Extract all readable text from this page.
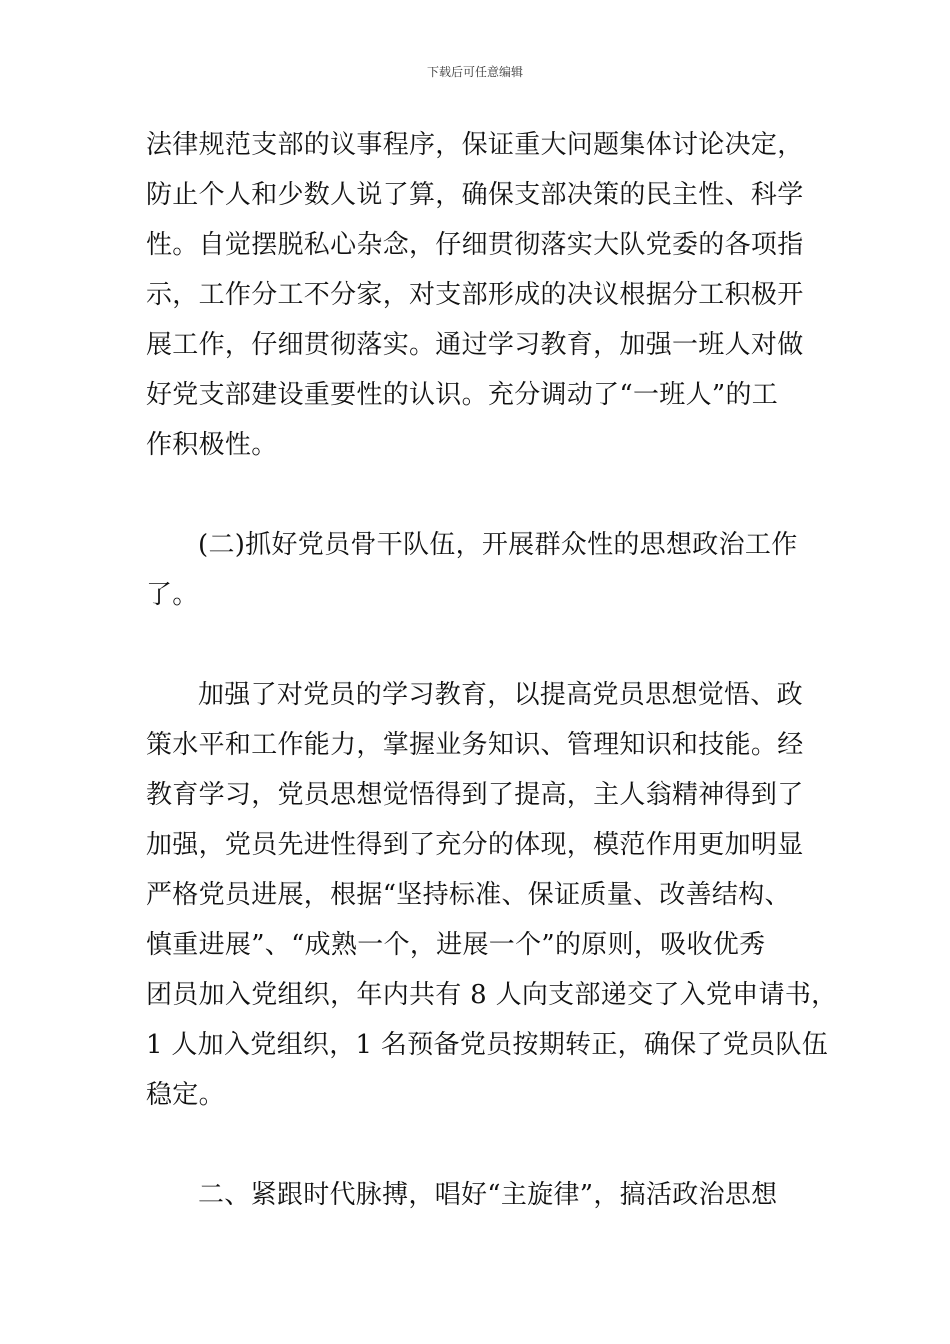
下载后可任意编辑
法律规范支部的议事程序，保证重大问题集体讨论决定，
防止个人和少数人说了算，确保支部决策的民主性、科学
性。自觉摆脱私心杂念，仔细贯彻落实大队党委的各项指
示，工作分工不分家，对支部形成的决议根据分工积极开
展工作，仔细贯彻落实。通过学习教育，加强一班人对做
好党支部建设重要性的认识。充分调动了“一班人”的工
作积极性。
(二)抓好党员骨干队伍，开展群众性的思想政治工作
了。
加强了对党员的学习教育，以提高党员思想觉悟、政
策水平和工作能力，掌握业务知识、管理知识和技能。经
教育学习，党员思想觉悟得到了提高，主人翁精神得到了
加强，党员先进性得到了充分的体现，模范作用更加明显
严格党员进展，根据“坚持标准、保证质量、改善结构、
慎重进展”、“成熟一个，进展一个”的原则，吸收优秀
团员加入党组织，年内共有 8 人向支部递交了入党申请书，
1 人加入党组织，1 名预备党员按期转正，确保了党员队伍
稳定。
二、紧跟时代脉搏，唱好“主旋律”，搞活政治思想
